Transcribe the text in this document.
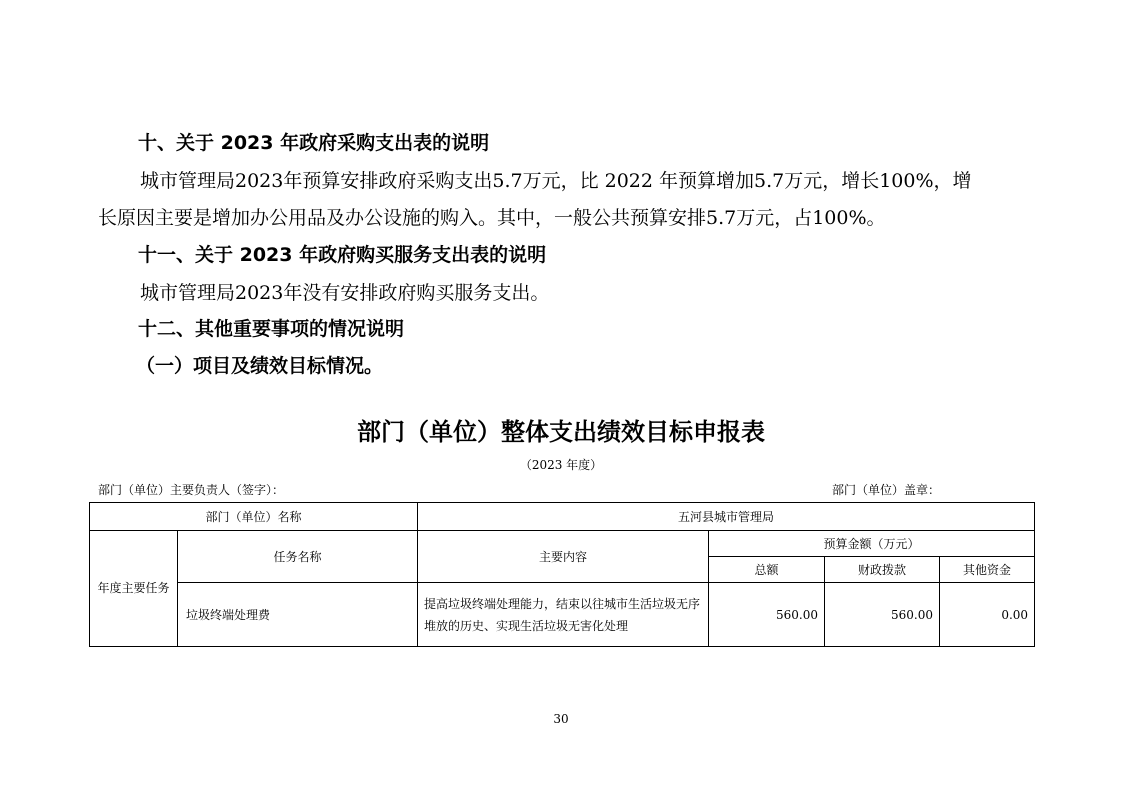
十、关于 2023 年政府采购支出表的说明
城市管理局2023年预算安排政府采购支出5.7万元，比 2022 年预算增加5.7万元，增长100%，增
长原因主要是增加办公用品及办公设施的购入。其中，一般公共预算安排5.7万元，占100%。
十一、关于 2023 年政府购买服务支出表的说明
城市管理局2023年没有安排政府购买服务支出。
十二、其他重要事项的情况说明
（一）项目及绩效目标情况。
部门（单位）整体支出绩效目标申报表
（2023 年度）
部门（单位）主要负责人（签字）：	部门（单位）盖章：
部门（单位）名称		五河县城市管理局			
年度主要任务	任务名称	主要内容	预算金额（万元）		
			总额	财政拨款	其他资金
	垃圾终端处理费	提高垃圾终端处理能力，结束以往城市生活垃圾无序堆放的历史、实现生活垃圾无害化处理	560.00	560.00	0.00
30
